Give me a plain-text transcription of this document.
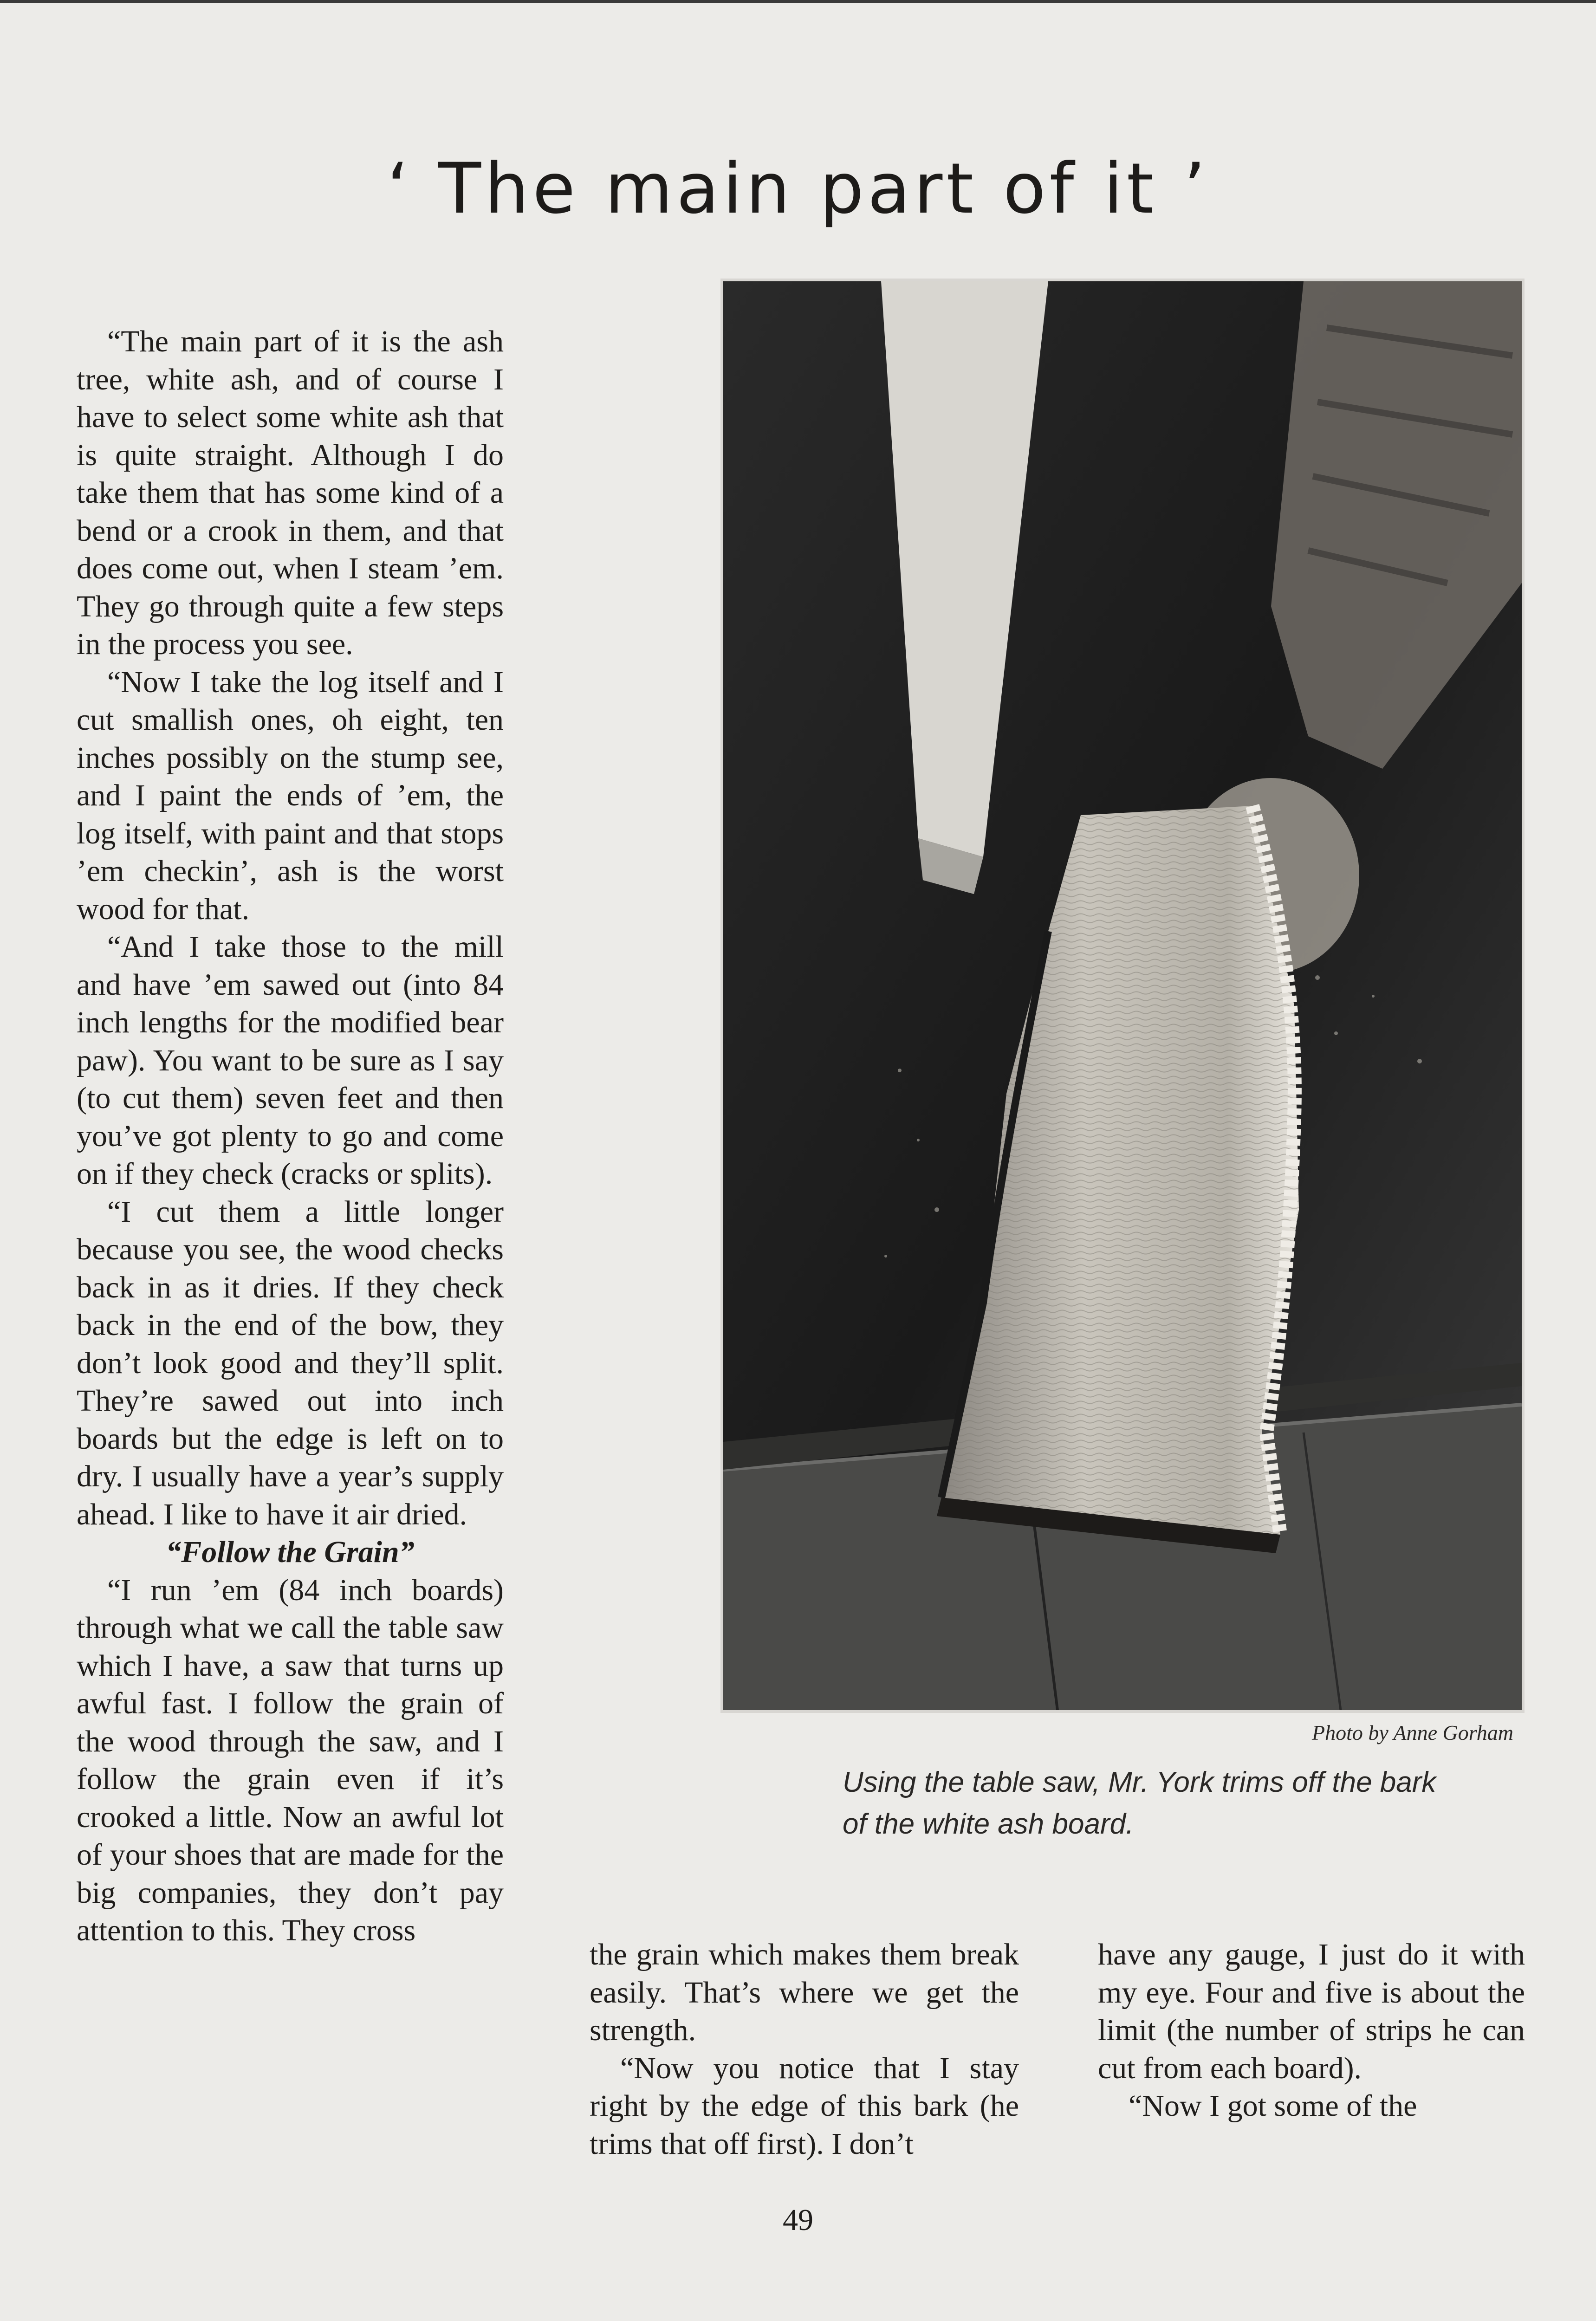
‘ The main part of it ’

“The main part of it is the ash tree, white ash, and of course I have to select some white ash that is quite straight. Although I do take them that has some kind of a bend or a crook in them, and that does come out, when I steam ’em. They go through quite a few steps in the process you see.

“Now I take the log itself and I cut smallish ones, oh eight, ten inches possibly on the stump see, and I paint the ends of ’em, the log itself, with paint and that stops ’em checkin’, ash is the worst wood for that.

“And I take those to the mill and have ’em sawed out (into 84 inch lengths for the modified bear paw). You want to be sure as I say (to cut them) seven feet and then you’ve got plenty to go and come on if they check (cracks or splits).

“I cut them a little longer because you see, the wood checks back in as it dries. If they check back in the end of the bow, they don’t look good and they’ll split. They’re sawed out into inch boards but the edge is left on to dry. I usually have a year’s supply ahead. I like to have it air dried.

“Follow the Grain”

“I run ’em (84 inch boards) through what we call the table saw which I have, a saw that turns up awful fast. I follow the grain of the wood through the saw, and I follow the grain even if it’s crooked a little. Now an awful lot of your shoes that are made for the big companies, they don’t pay attention to this. They cross

Photo by Anne Gorham
Using the table saw, Mr. York trims off the bark of the white ash board.

the grain which makes them break easily. That’s where we get the strength.

“Now you notice that I stay right by the edge of this bark (he trims that off first). I don’t

have any gauge, I just do it with my eye. Four and five is about the limit (the number of strips he can cut from each board).

“Now I got some of the

49
